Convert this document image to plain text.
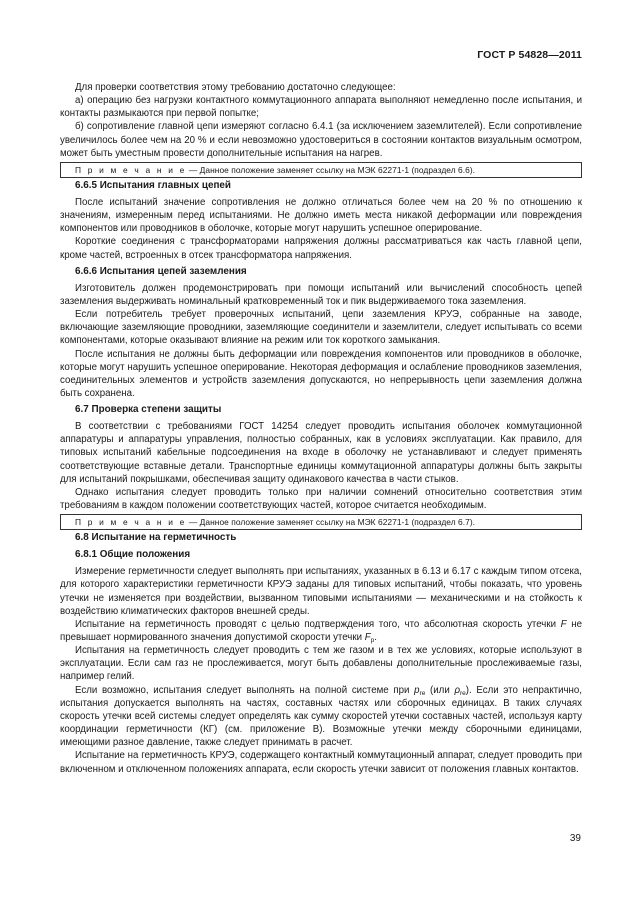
ГОСТ Р 54828—2011

Для проверки соответствия этому требованию достаточно следующее:

а) операцию без нагрузки контактного коммутационного аппарата выполняют немедленно после испытания, и контакты размыкаются при первой попытке;

б) сопротивление главной цепи измеряют согласно 6.4.1 (за исключением заземлителей). Если сопротивление увеличилось более чем на 20 % и если невозможно удостовериться в состоянии контактов визуальным осмотром, может быть уместным провести дополнительные испытания на нагрев.

П р и м е ч а н и е — Данное положение заменяет ссылку на МЭК 62271-1 (подраздел 6.6).
6.6.5 Испытания главных цепей

После испытаний значение сопротивления не должно отличаться более чем на 20 % по отношению к значениям, измеренным перед испытаниями. Не должно иметь места никакой деформации или повреждения компонентов или проводников в оболочке, которые могут нарушить успешное оперирование.

Короткие соединения с трансформаторами напряжения должны рассматриваться как часть главной цепи, кроме частей, встроенных в отсек трансформатора напряжения.

6.6.6 Испытания цепей заземления

Изготовитель должен продемонстрировать при помощи испытаний или вычислений способность цепей заземления выдерживать номинальный кратковременный ток и пик выдерживаемого тока заземления.

Если потребитель требует проверочных испытаний, цепи заземления КРУЭ, собранные на заводе, включающие заземляющие проводники, заземляющие соединители и заземлители, следует испытывать со всеми компонентами, которые оказывают влияние на режим или ток короткого замыкания.

После испытания не должны быть деформации или повреждения компонентов или проводников в оболочке, которые могут нарушить успешное оперирование. Некоторая деформация и ослабление проводников заземления, соединительных элементов и устройств заземления допускаются, но непрерывность цепи заземления должна быть сохранена.

6.7 Проверка степени защиты

В соответствии с требованиями ГОСТ 14254 следует проводить испытания оболочек коммутационной аппаратуры и аппаратуры управления, полностью собранных, как в условиях эксплуатации. Как правило, для типовых испытаний кабельные подсоединения на входе в оболочку не устанавливают и следует применять соответствующие вставные детали. Транспортные единицы коммутационной аппаратуры должны быть закрыты для испытаний покрышками, обеспечивая защиту одинакового качества в части стыков.

Однако испытания следует проводить только при наличии сомнений относительно соответствия этим требованиям в каждом положении соответствующих частей, которое считается необходимым.

П р и м е ч а н и е — Данное положение заменяет ссылку на МЭК 62271-1 (подраздел 6.7).
6.8 Испытание на герметичность
6.8.1 Общие положения

Измерение герметичности следует выполнять при испытаниях, указанных в 6.13 и 6.17 с каждым типом отсека, для которого характеристики герметичности КРУЭ заданы для типовых испытаний, чтобы показать, что уровень утечки не изменяется при воздействии, вызванном типовыми испытаниями — механическими и на стойкость к воздействию климатических факторов внешней среды.

Испытание на герметичность проводят с целью подтверждения того, что абсолютная скорость утечки F не превышает нормированного значения допустимой скорости утечки $F_p$.

Испытания на герметичность следует проводить с тем же газом и в тех же условиях, которые используют в эксплуатации. Если сам газ не прослеживается, могут быть добавлены дополнительные прослеживаемые газы, например гелий.

Если возможно, испытания следует выполнять на полной системе при $p_{re}$ (или $\rho_{re}$). Если это непрактично, испытания допускается выполнять на частях, составных частях или сборочных единицах. В таких случаях скорость утечки всей системы следует определять как сумму скоростей утечки составных частей, используя карту координации герметичности (КГ) (см. приложение В). Возможные утечки между сборочными единицами, имеющими разное давление, также следует принимать в расчет.

Испытание на герметичность КРУЭ, содержащего контактный коммутационный аппарат, следует проводить при включенном и отключенном положениях аппарата, если скорость утечки зависит от положения главных контактов.

39
